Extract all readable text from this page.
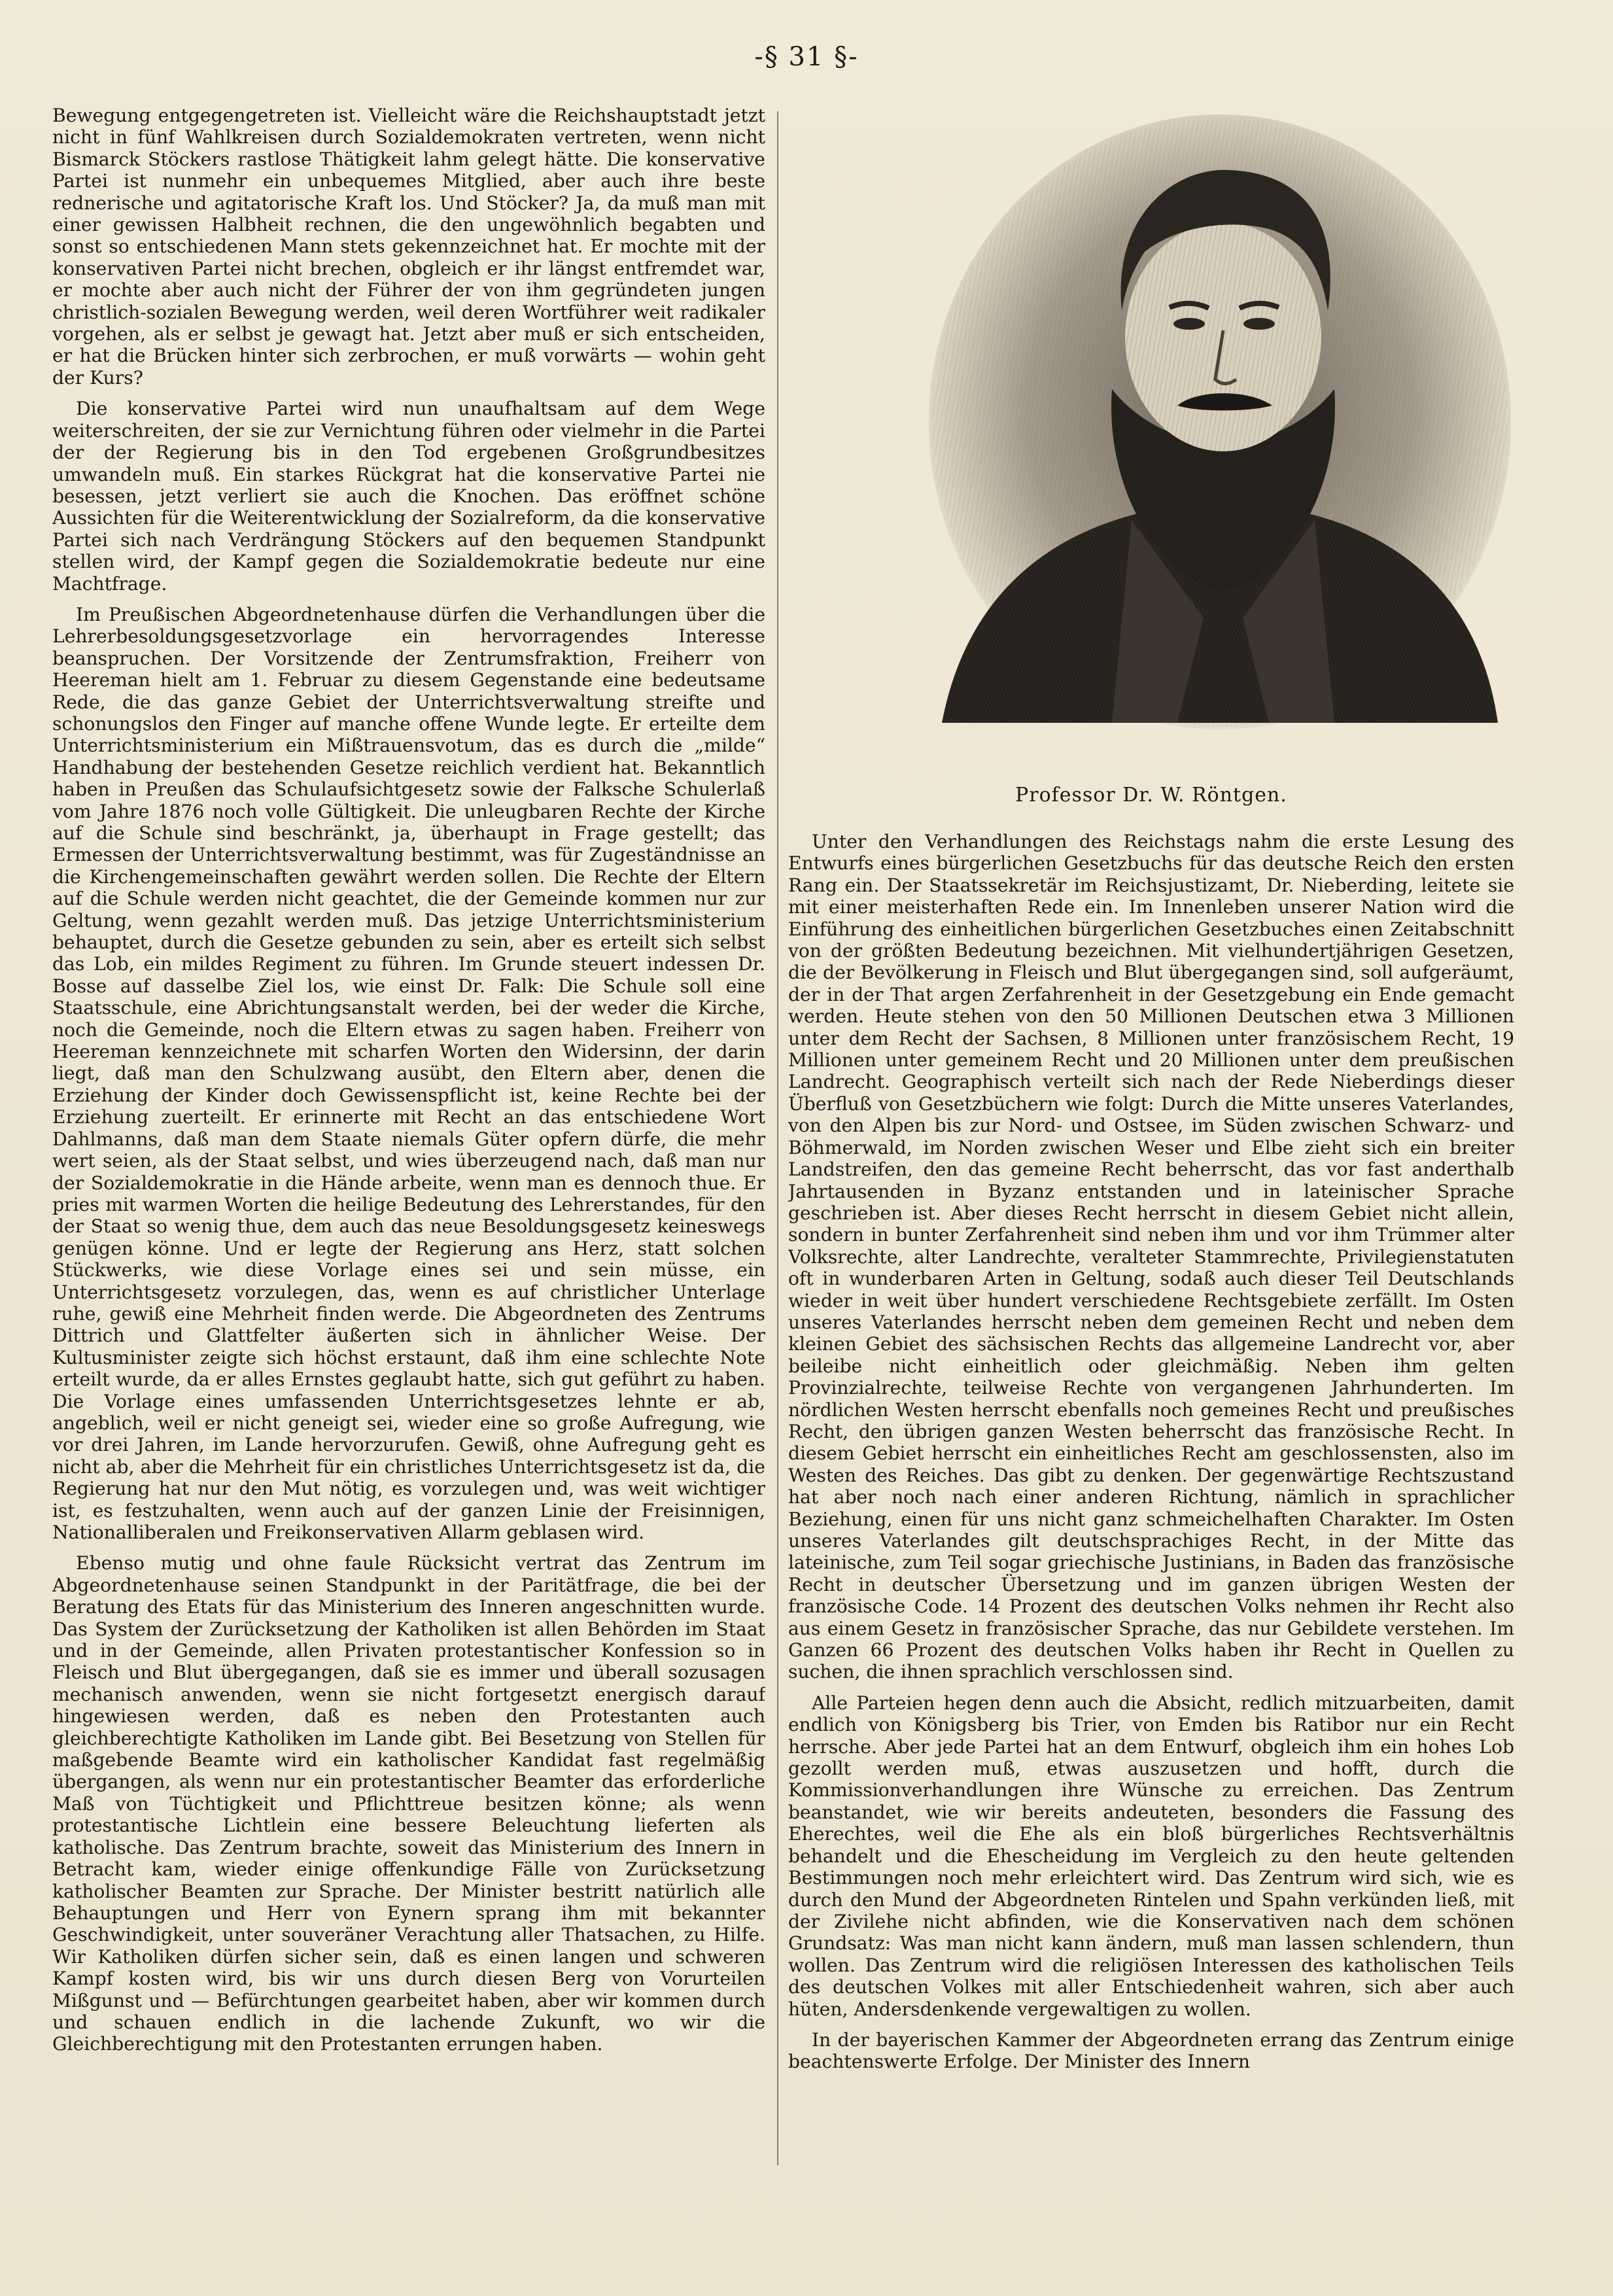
-§ 31 §-

Bewegung entgegengetreten ist. Vielleicht wäre die Reichshauptstadt jetzt nicht in fünf Wahlkreisen durch Sozialdemokraten vertreten, wenn nicht Bismarck Stöckers rastlose Thätigkeit lahm gelegt hätte. Die konservative Partei ist nunmehr ein unbequemes Mitglied, aber auch ihre beste rednerische und agitatorische Kraft los. Und Stöcker? Ja, da muß man mit einer gewissen Halbheit rechnen, die den ungewöhnlich begabten und sonst so entschiedenen Mann stets gekennzeichnet hat. Er mochte mit der konservativen Partei nicht brechen, obgleich er ihr längst entfremdet war, er mochte aber auch nicht der Führer der von ihm gegründeten jungen christlich-sozialen Bewegung werden, weil deren Wortführer weit radikaler vorgehen, als er selbst je gewagt hat. Jetzt aber muß er sich entscheiden, er hat die Brücken hinter sich zerbrochen, er muß vorwärts — wohin geht der Kurs?

Die konservative Partei wird nun unaufhaltsam auf dem Wege weiterschreiten, der sie zur Vernichtung führen oder vielmehr in die Partei der der Regierung bis in den Tod ergebenen Großgrundbesitzes umwandeln muß. Ein starkes Rückgrat hat die konservative Partei nie besessen, jetzt verliert sie auch die Knochen. Das eröffnet schöne Aussichten für die Weiterentwicklung der Sozialreform, da die konservative Partei sich nach Verdrängung Stöckers auf den bequemen Standpunkt stellen wird, der Kampf gegen die Sozialdemokratie bedeute nur eine Machtfrage.

Im Preußischen Abgeordnetenhause dürfen die Verhandlungen über die Lehrerbesoldungsgesetzvorlage ein hervorragendes Interesse beanspruchen. Der Vorsitzende der Zentrumsfraktion, Freiherr von Heereman hielt am 1. Februar zu diesem Gegenstande eine bedeutsame Rede, die das ganze Gebiet der Unterrichtsverwaltung streifte und schonungslos den Finger auf manche offene Wunde legte. Er erteilte dem Unterrichtsministerium ein Mißtrauensvotum, das es durch die „milde“ Handhabung der bestehenden Gesetze reichlich verdient hat. Bekanntlich haben in Preußen das Schulaufsichtgesetz sowie der Falksche Schulerlaß vom Jahre 1876 noch volle Gültigkeit. Die unleugbaren Rechte der Kirche auf die Schule sind beschränkt, ja, überhaupt in Frage gestellt; das Ermessen der Unterrichtsverwaltung bestimmt, was für Zugeständnisse an die Kirchengemeinschaften gewährt werden sollen. Die Rechte der Eltern auf die Schule werden nicht geachtet, die der Gemeinde kommen nur zur Geltung, wenn gezahlt werden muß. Das jetzige Unterrichtsministerium behauptet, durch die Gesetze gebunden zu sein, aber es erteilt sich selbst das Lob, ein mildes Regiment zu führen. Im Grunde steuert indessen Dr. Bosse auf dasselbe Ziel los, wie einst Dr. Falk: Die Schule soll eine Staatsschule, eine Abrichtungsanstalt werden, bei der weder die Kirche, noch die Gemeinde, noch die Eltern etwas zu sagen haben. Freiherr von Heereman kennzeichnete mit scharfen Worten den Widersinn, der darin liegt, daß man den Schulzwang ausübt, den Eltern aber, denen die Erziehung der Kinder doch Gewissenspflicht ist, keine Rechte bei der Erziehung zuerteilt. Er erinnerte mit Recht an das entschiedene Wort Dahlmanns, daß man dem Staate niemals Güter opfern dürfe, die mehr wert seien, als der Staat selbst, und wies überzeugend nach, daß man nur der Sozialdemokratie in die Hände arbeite, wenn man es dennoch thue. Er pries mit warmen Worten die heilige Bedeutung des Lehrerstandes, für den der Staat so wenig thue, dem auch das neue Besoldungsgesetz keineswegs genügen könne. Und er legte der Regierung ans Herz, statt solchen Stückwerks, wie diese Vorlage eines sei und sein müsse, ein Unterrichtsgesetz vorzulegen, das, wenn es auf christlicher Unterlage ruhe, gewiß eine Mehrheit finden werde. Die Abgeordneten des Zentrums Dittrich und Glattfelter äußerten sich in ähnlicher Weise. Der Kultusminister zeigte sich höchst erstaunt, daß ihm eine schlechte Note erteilt wurde, da er alles Ernstes geglaubt hatte, sich gut geführt zu haben. Die Vorlage eines umfassenden Unterrichtsgesetzes lehnte er ab, angeblich, weil er nicht geneigt sei, wieder eine so große Aufregung, wie vor drei Jahren, im Lande hervorzurufen. Gewiß, ohne Aufregung geht es nicht ab, aber die Mehrheit für ein christliches Unterrichtsgesetz ist da, die Regierung hat nur den Mut nötig, es vorzulegen und, was weit wichtiger ist, es festzuhalten, wenn auch auf der ganzen Linie der Freisinnigen, Nationalliberalen und Freikonservativen Allarm geblasen wird.

Ebenso mutig und ohne faule Rücksicht vertrat das Zentrum im Abgeordnetenhause seinen Standpunkt in der Paritätfrage, die bei der Beratung des Etats für das Ministerium des Inneren angeschnitten wurde. Das System der Zurücksetzung der Katholiken ist allen Behörden im Staat und in der Gemeinde, allen Privaten protestantischer Konfession so in Fleisch und Blut übergegangen, daß sie es immer und überall sozusagen mechanisch anwenden, wenn sie nicht fortgesetzt energisch darauf hingewiesen werden, daß es neben den Protestanten auch gleichberechtigte Katholiken im Lande gibt. Bei Besetzung von Stellen für maßgebende Beamte wird ein katholischer Kandidat fast regelmäßig übergangen, als wenn nur ein protestantischer Beamter das erforderliche Maß von Tüchtigkeit und Pflichttreue besitzen könne; als wenn protestantische Lichtlein eine bessere Beleuchtung lieferten als katholische. Das Zentrum brachte, soweit das Ministerium des Innern in Betracht kam, wieder einige offenkundige Fälle von Zurücksetzung katholischer Beamten zur Sprache. Der Minister bestritt natürlich alle Behauptungen und Herr von Eynern sprang ihm mit bekannter Geschwindigkeit, unter souveräner Verachtung aller Thatsachen, zu Hilfe. Wir Katholiken dürfen sicher sein, daß es einen langen und schweren Kampf kosten wird, bis wir uns durch diesen Berg von Vorurteilen Mißgunst und — Befürchtungen gearbeitet haben, aber wir kommen durch und schauen endlich in die lachende Zukunft, wo wir die Gleichberechtigung mit den Protestanten errungen haben.

Professor Dr. W. Röntgen.

Unter den Verhandlungen des Reichstags nahm die erste Lesung des Entwurfs eines bürgerlichen Gesetzbuchs für das deutsche Reich den ersten Rang ein. Der Staatssekretär im Reichsjustizamt, Dr. Nieberding, leitete sie mit einer meisterhaften Rede ein. Im Innenleben unserer Nation wird die Einführung des einheitlichen bürgerlichen Gesetzbuches einen Zeitabschnitt von der größten Bedeutung bezeichnen. Mit vielhundertjährigen Gesetzen, die der Bevölkerung in Fleisch und Blut übergegangen sind, soll aufgeräumt, der in der That argen Zerfahrenheit in der Gesetzgebung ein Ende gemacht werden. Heute stehen von den 50 Millionen Deutschen etwa 3 Millionen unter dem Recht der Sachsen, 8 Millionen unter französischem Recht, 19 Millionen unter gemeinem Recht und 20 Millionen unter dem preußischen Landrecht. Geographisch verteilt sich nach der Rede Nieberdings dieser Überfluß von Gesetzbüchern wie folgt: Durch die Mitte unseres Vaterlandes, von den Alpen bis zur Nord- und Ostsee, im Süden zwischen Schwarz- und Böhmerwald, im Norden zwischen Weser und Elbe zieht sich ein breiter Landstreifen, den das gemeine Recht beherrscht, das vor fast anderthalb Jahrtausenden in Byzanz entstanden und in lateinischer Sprache geschrieben ist. Aber dieses Recht herrscht in diesem Gebiet nicht allein, sondern in bunter Zerfahrenheit sind neben ihm und vor ihm Trümmer alter Volksrechte, alter Landrechte, veralteter Stammrechte, Privilegienstatuten oft in wunderbaren Arten in Geltung, sodaß auch dieser Teil Deutschlands wieder in weit über hundert verschiedene Rechtsgebiete zerfällt. Im Osten unseres Vaterlandes herrscht neben dem gemeinen Recht und neben dem kleinen Gebiet des sächsischen Rechts das allgemeine Landrecht vor, aber beileibe nicht einheitlich oder gleichmäßig. Neben ihm gelten Provinzialrechte, teilweise Rechte von vergangenen Jahrhunderten. Im nördlichen Westen herrscht ebenfalls noch gemeines Recht und preußisches Recht, den übrigen ganzen Westen beherrscht das französische Recht. In diesem Gebiet herrscht ein einheitliches Recht am geschlossensten, also im Westen des Reiches. Das gibt zu denken. Der gegenwärtige Rechtszustand hat aber noch nach einer anderen Richtung, nämlich in sprachlicher Beziehung, einen für uns nicht ganz schmeichelhaften Charakter. Im Osten unseres Vaterlandes gilt deutschsprachiges Recht, in der Mitte das lateinische, zum Teil sogar griechische Justinians, in Baden das französische Recht in deutscher Übersetzung und im ganzen übrigen Westen der französische Code. 14 Prozent des deutschen Volks nehmen ihr Recht also aus einem Gesetz in französischer Sprache, das nur Gebildete verstehen. Im Ganzen 66 Prozent des deutschen Volks haben ihr Recht in Quellen zu suchen, die ihnen sprachlich verschlossen sind.

Alle Parteien hegen denn auch die Absicht, redlich mitzuarbeiten, damit endlich von Königsberg bis Trier, von Emden bis Ratibor nur ein Recht herrsche. Aber jede Partei hat an dem Entwurf, obgleich ihm ein hohes Lob gezollt werden muß, etwas auszusetzen und hofft, durch die Kommissionverhandlungen ihre Wünsche zu erreichen. Das Zentrum beanstandet, wie wir bereits andeuteten, besonders die Fassung des Eherechtes, weil die Ehe als ein bloß bürgerliches Rechtsverhältnis behandelt und die Ehescheidung im Vergleich zu den heute geltenden Bestimmungen noch mehr erleichtert wird. Das Zentrum wird sich, wie es durch den Mund der Abgeordneten Rintelen und Spahn verkünden ließ, mit der Zivilehe nicht abfinden, wie die Konservativen nach dem schönen Grundsatz: Was man nicht kann ändern, muß man lassen schlendern, thun wollen. Das Zentrum wird die religiösen Interessen des katholischen Teils des deutschen Volkes mit aller Entschiedenheit wahren, sich aber auch hüten, Andersdenkende vergewaltigen zu wollen.

In der bayerischen Kammer der Abgeordneten errang das Zentrum einige beachtenswerte Erfolge. Der Minister des Innern
